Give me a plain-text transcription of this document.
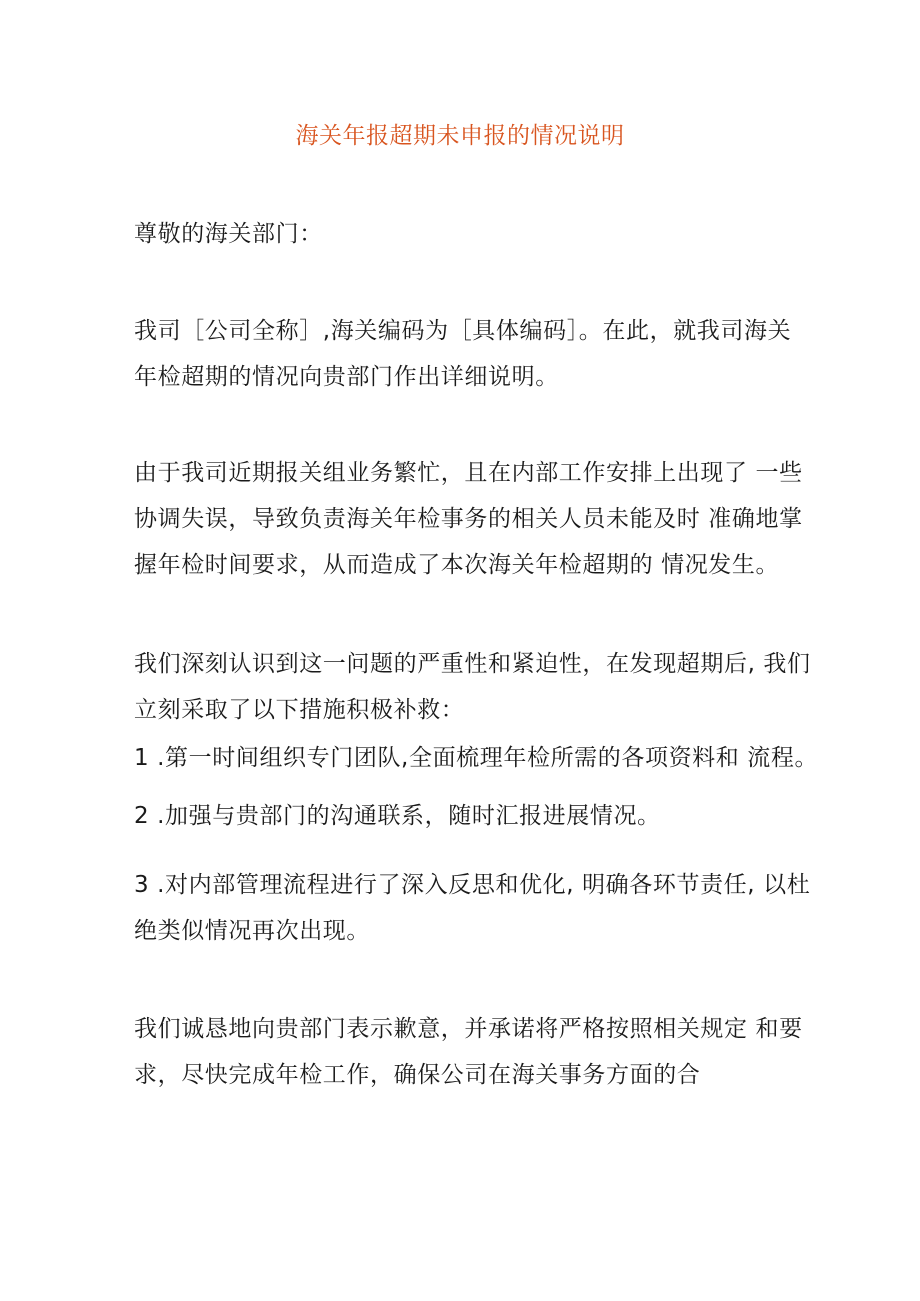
海关年报超期未申报的情况说明

尊敬的海关部门：

我司［公司全称］,海关编码为［具体编码］。在此，就我司海关
年检超期的情况向贵部门作出详细说明。

由于我司近期报关组业务繁忙，且在内部工作安排上出现了 一些
协调失误，导致负责海关年检事务的相关人员未能及时 准确地掌
握年检时间要求，从而造成了本次海关年检超期的 情况发生。

我们深刻认识到这一问题的严重性和紧迫性，在发现超期后, 我们
立刻采取了以下措施积极补救：

1 .第一时间组织专门团队,全面梳理年检所需的各项资料和 流程。

2 .加强与贵部门的沟通联系，随时汇报进展情况。

3 .对内部管理流程进行了深入反思和优化, 明确各环节责任, 以杜
绝类似情况再次出现。

我们诚恳地向贵部门表示歉意，并承诺将严格按照相关规定 和要
求，尽快完成年检工作，确保公司在海关事务方面的合
